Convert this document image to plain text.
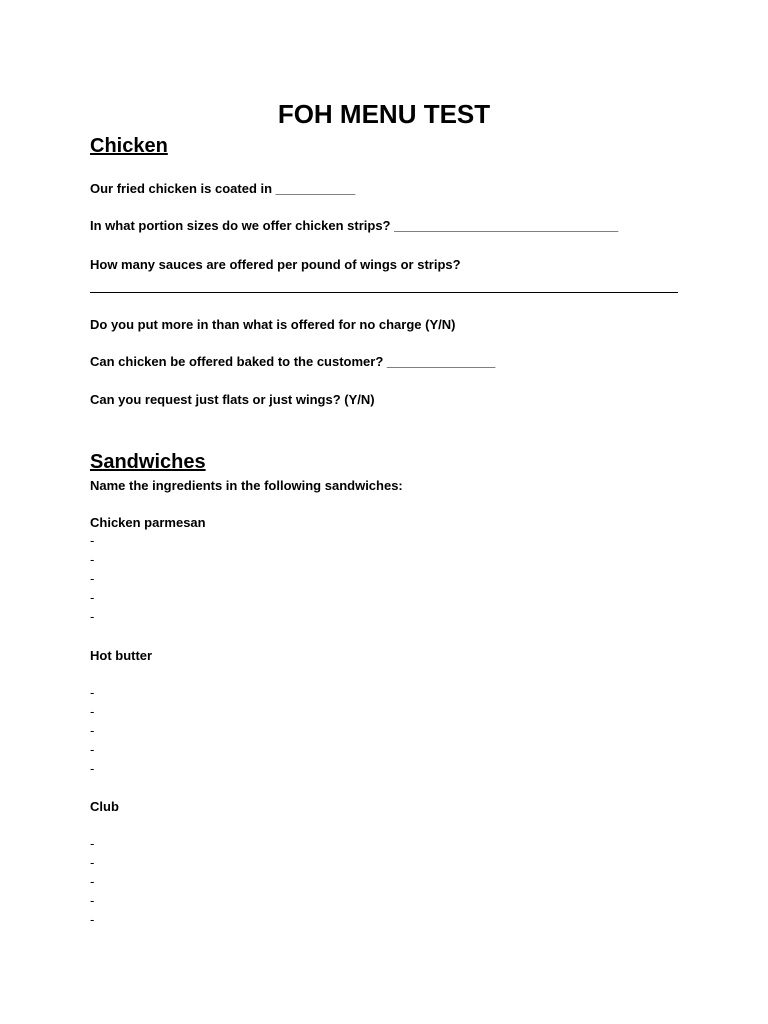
FOH MENU TEST
Chicken
Our fried chicken is coated in ___________
In what portion sizes do we offer chicken strips? _______________________________
How many sauces are offered per pound of wings or strips?
Do you put more in than what is offered for no charge (Y/N)
Can chicken be offered baked to the customer? _______________
Can you request just flats or just wings? (Y/N)
Sandwiches
Name the ingredients in the following sandwiches:
Chicken parmesan
-
-
-
-
-
Hot butter
-
-
-
-
-
Club
-
-
-
-
-
